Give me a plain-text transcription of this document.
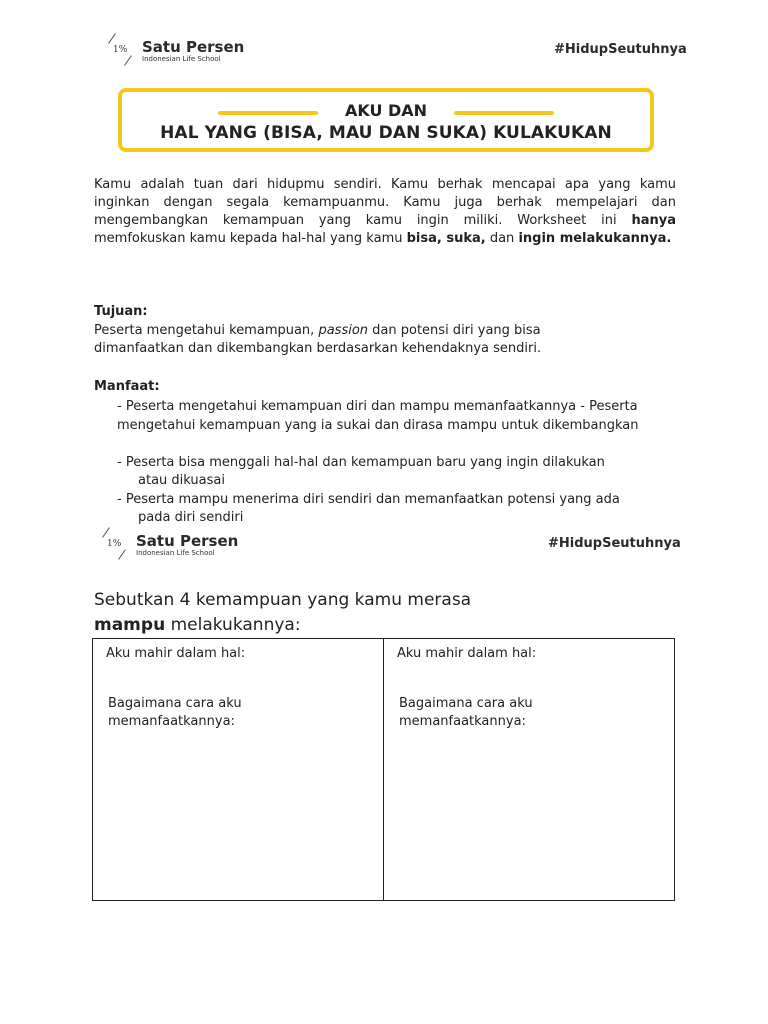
1% Satu Persen
Indonesian Life School
#HidupSeutuhnya
AKU DAN
HAL YANG (BISA, MAU DAN SUKA) KULAKUKAN
Kamu adalah tuan dari hidupmu sendiri. Kamu berhak mencapai apa yang kamu inginkan dengan segala kemampuanmu. Kamu juga berhak mempelajari dan mengembangkan kemampuan yang kamu ingin miliki. Worksheet ini hanya memfokuskan kamu kepada hal-hal yang kamu bisa, suka, dan ingin melakukannya.
Tujuan:
Peserta mengetahui kemampuan, passion dan potensi diri yang bisa dimanfaatkan dan dikembangkan berdasarkan kehendaknya sendiri.
Manfaat:
- Peserta mengetahui kemampuan diri dan mampu memanfaatkannya - Peserta mengetahui kemampuan yang ia sukai dan dirasa mampu untuk dikembangkan
- Peserta bisa menggali hal-hal dan kemampuan baru yang ingin dilakukan
atau dikuasai
- Peserta mampu menerima diri sendiri dan memanfaatkan potensi yang ada
pada diri sendiri
1% Satu Persen
Indonesian Life School
#HidupSeutuhnya
Sebutkan 4 kemampuan yang kamu merasa
mampu melakukannya:
Aku mahir dalam hal:
Bagaimana cara aku memanfaatkannya:
Aku mahir dalam hal:
Bagaimana cara aku memanfaatkannya:
